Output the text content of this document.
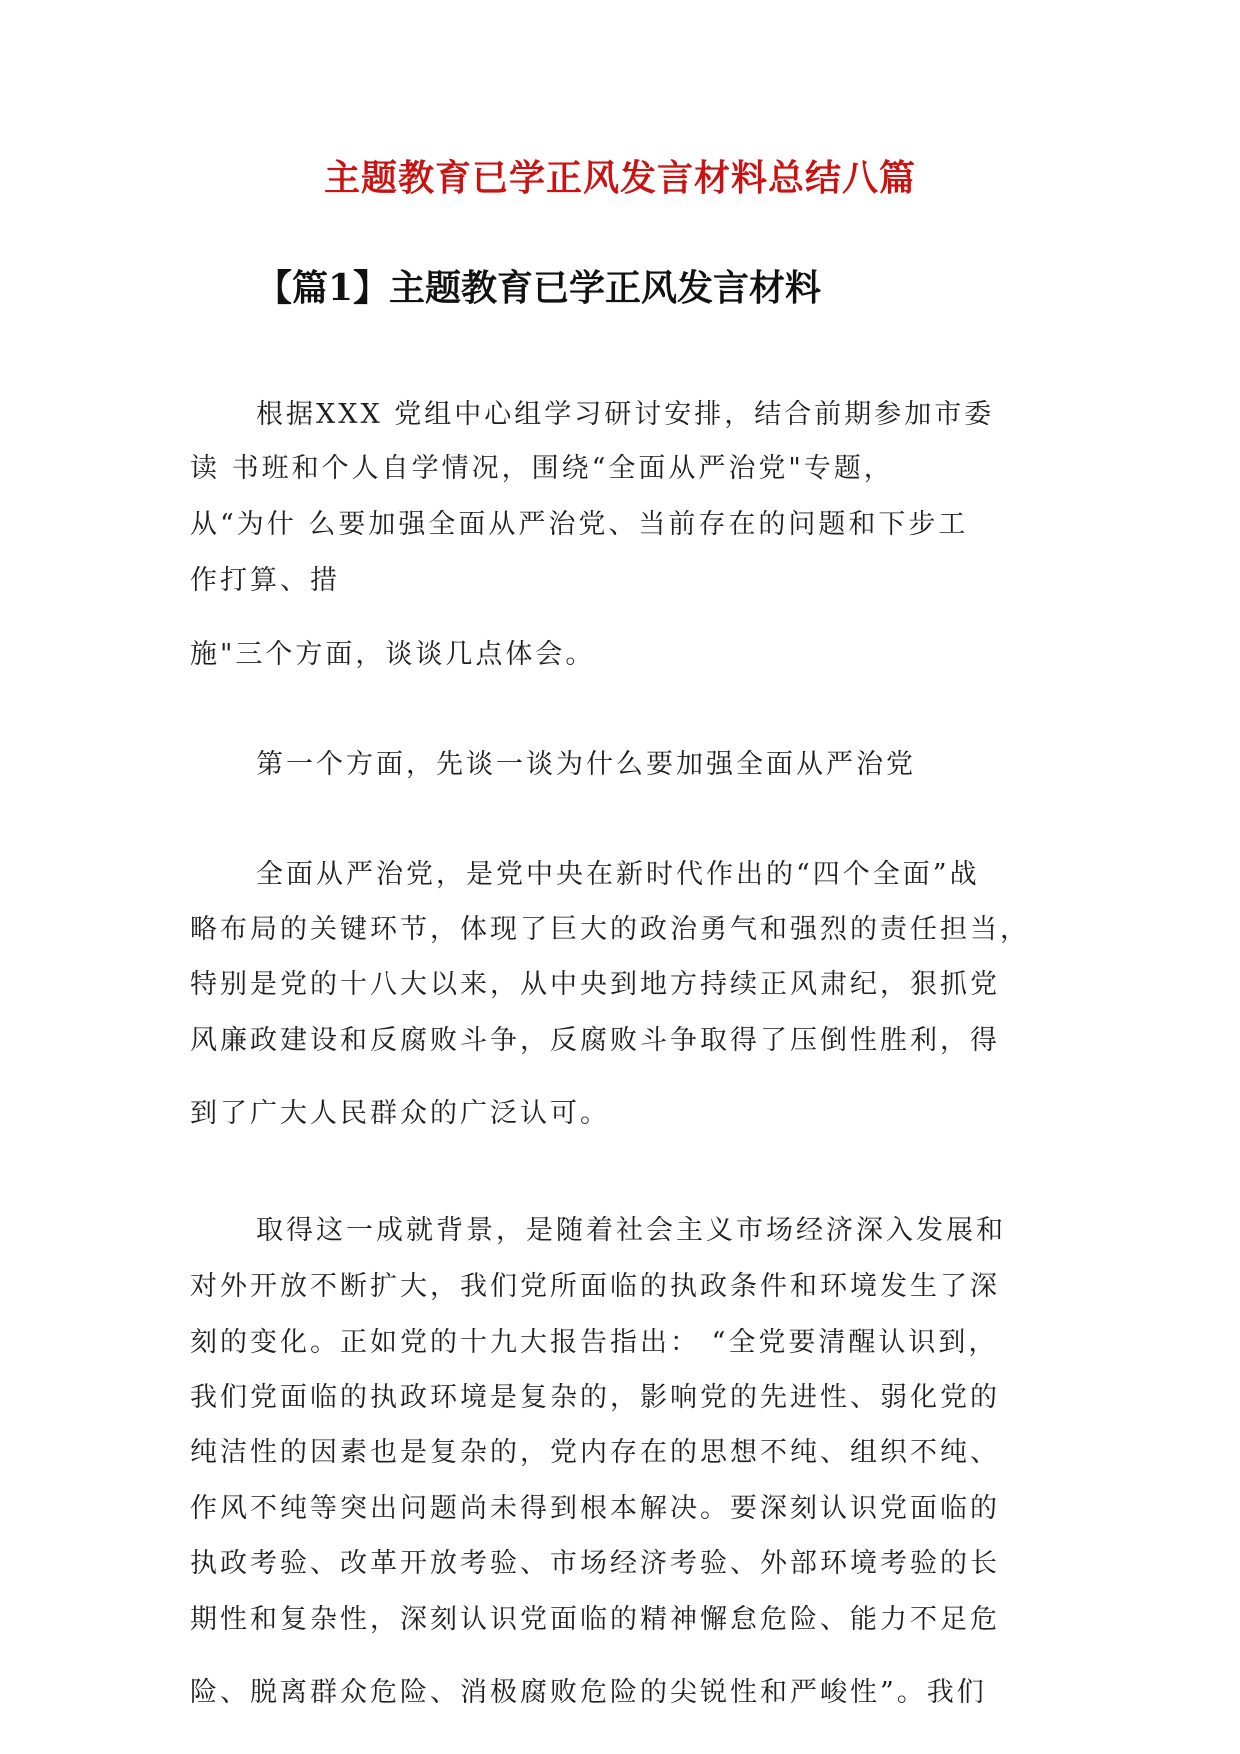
主题教育已学正风发言材料总结八篇
【篇1】主题教育已学正风发言材料

根据XXX 党组中心组学习研讨安排，结合前期参加市委

读 书班和个人自学情况，围绕“全面从严治党"专题，

从“为什 么要加强全面从严治党、当前存在的问题和下步工

作打算、措

施"三个方面，谈谈几点体会。

第一个方面，先谈一谈为什么要加强全面从严治党

全面从严治党，是党中央在新时代作出的“四个全面”战

略布局的关键环节，体现了巨大的政治勇气和强烈的责任担当，

特别是党的十八大以来，从中央到地方持续正风肃纪，狠抓党

风廉政建设和反腐败斗争，反腐败斗争取得了压倒性胜利，得

到了广大人民群众的广泛认可。

取得这一成就背景，是随着社会主义市场经济深入发展和

对外开放不断扩大，我们党所面临的执政条件和环境发生了深

刻的变化。正如党的十九大报告指出： “全党要清醒认识到，

我们党面临的执政环境是复杂的，影响党的先进性、弱化党的

纯洁性的因素也是复杂的，党内存在的思想不纯、组织不纯、

作风不纯等突出问题尚未得到根本解决。要深刻认识党面临的

执政考验、改革开放考验、市场经济考验、外部环境考验的长

期性和复杂性，深刻认识党面临的精神懈怠危险、能力不足危

险、脱离群众危险、消极腐败危险的尖锐性和严峻性”。我们
